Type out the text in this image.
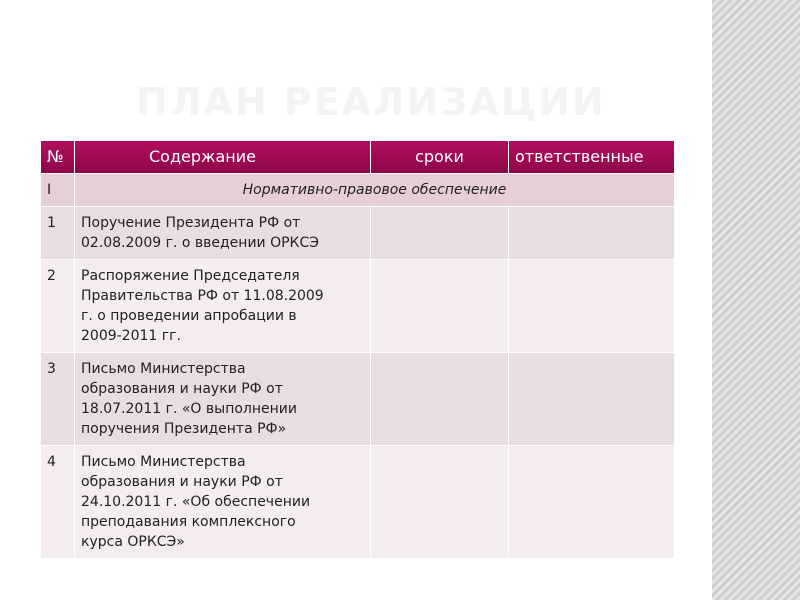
ПЛАН РЕАЛИЗАЦИИ
№	Содержание	сроки	ответственные
I	Нормативно-правовое обеспечение		
1	Поручение Президента РФ от
02.08.2009 г. о введении ОРКСЭ		
2	Распоряжение Председателя
Правительства РФ от 11.08.2009
г. о проведении апробации в
2009-2011 гг.		
3	Письмо Министерства
образования и науки РФ от
18.07.2011 г. «О выполнении
поручения Президента РФ»		
4	Письмо Министерства
образования и науки РФ от
24.10.2011 г. «Об обеспечении
преподавания комплексного
курса ОРКСЭ»		
